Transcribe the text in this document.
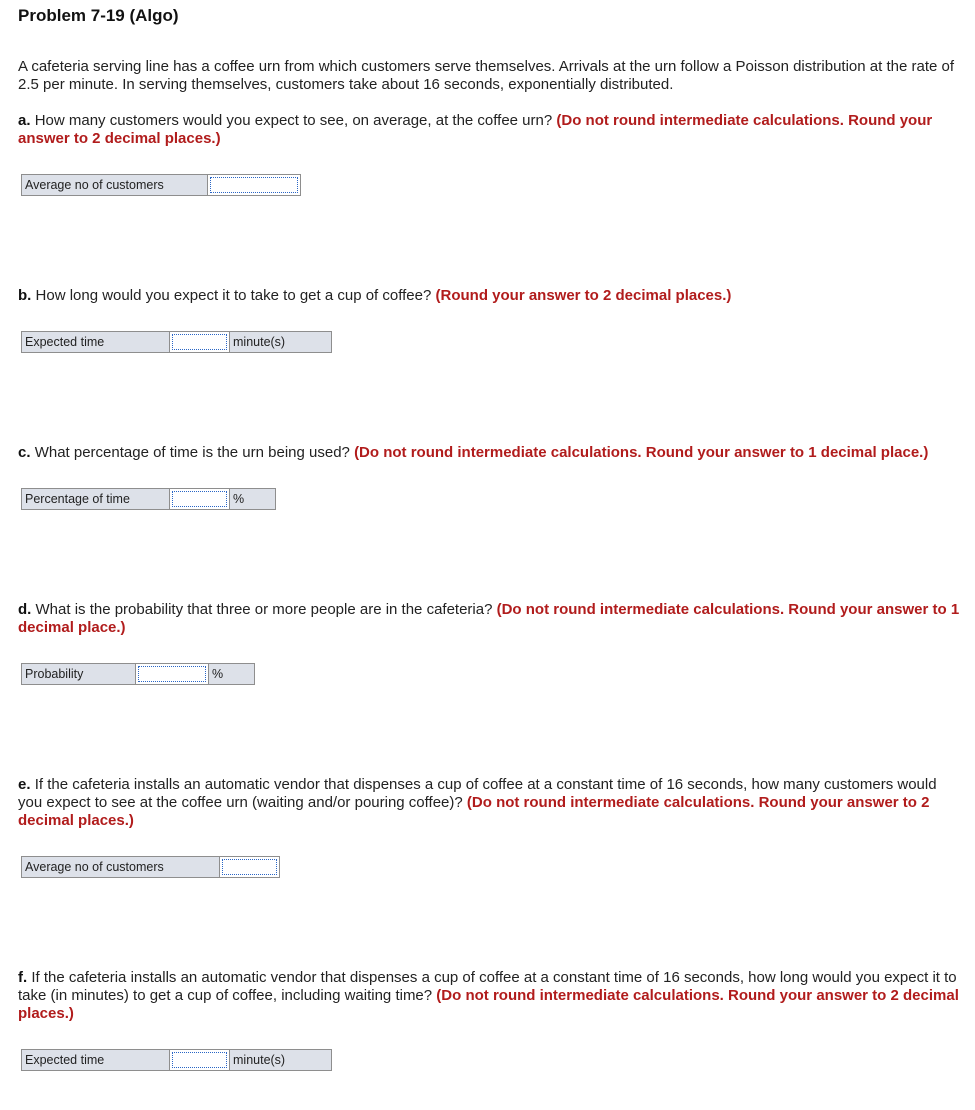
Problem 7-19 (Algo)
A cafeteria serving line has a coffee urn from which customers serve themselves. Arrivals at the urn follow a Poisson distribution at the rate of 2.5 per minute. In serving themselves, customers take about 16 seconds, exponentially distributed.
a. How many customers would you expect to see, on average, at the coffee urn? (Do not round intermediate calculations. Round your answer to 2 decimal places.)
Average no of customers
b. How long would you expect it to take to get a cup of coffee? (Round your answer to 2 decimal places.)
Expected time	minute(s)
c. What percentage of time is the urn being used? (Do not round intermediate calculations. Round your answer to 1 decimal place.)
Percentage of time	%
d. What is the probability that three or more people are in the cafeteria? (Do not round intermediate calculations. Round your answer to 1 decimal place.)
Probability	%
e. If the cafeteria installs an automatic vendor that dispenses a cup of coffee at a constant time of 16 seconds, how many customers would you expect to see at the coffee urn (waiting and/or pouring coffee)? (Do not round intermediate calculations. Round your answer to 2 decimal places.)
Average no of customers
f. If the cafeteria installs an automatic vendor that dispenses a cup of coffee at a constant time of 16 seconds, how long would you expect it to take (in minutes) to get a cup of coffee, including waiting time? (Do not round intermediate calculations. Round your answer to 2 decimal places.)
Expected time	minute(s)
